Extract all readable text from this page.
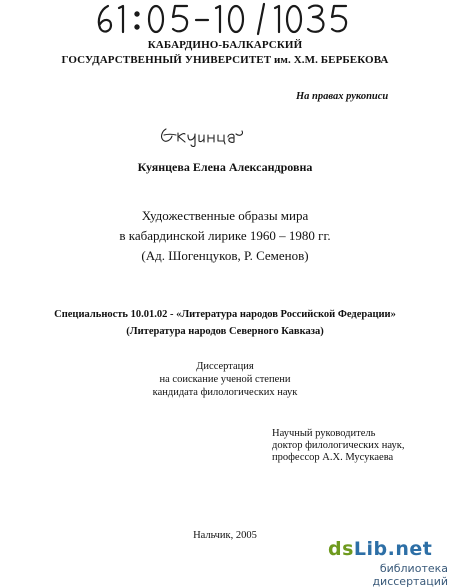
КАБАРДИНО-БАЛКАРСКИЙ
ГОСУДАРСТВЕННЫЙ УНИВЕРСИТЕТ им. Х.М. БЕРБЕКОВА
На правах рукописи
Куянцева Елена Александровна
Художественные образы мира
в кабардинской лирике 1960 – 1980 гг.
(Ад. Шогенцуков, Р. Семенов)
Специальность 10.01.02 - «Литература народов Российской Федерации»
(Литература народов Северного Кавказа)
Диссертация
на соискание ученой степени
кандидата филологических наук
Научный руководитель
доктор филологических наук,
профессор А.Х. Мусукаева
Нальчик, 2005
dsLib.net
библиотека диссертаций
